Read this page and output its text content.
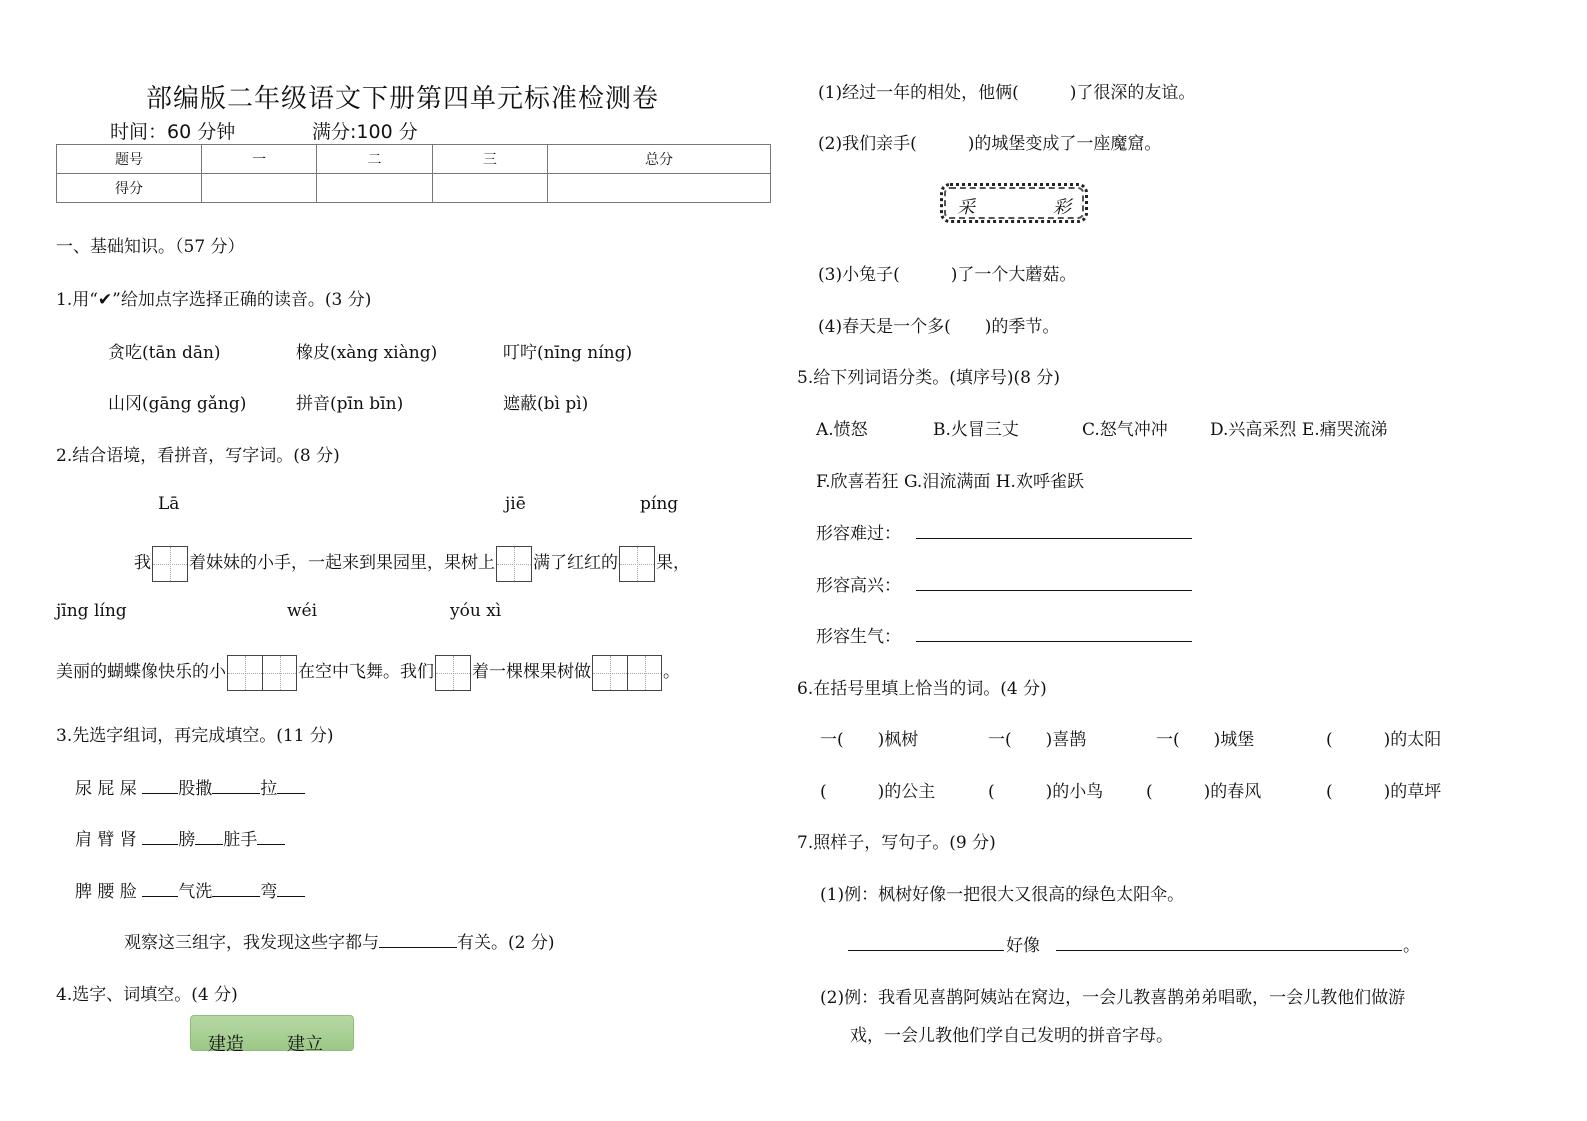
部编版二年级语文下册第四单元标准检测卷
时间：60 分钟	满分:100 分
题号	一	二	三	总分
得分				
一、基础知识。（57 分）
1.用“✔”给加点字选择正确的读音。(3 分)
贪吃(tān dān)	橡皮(xàng xiàng)	叮咛(nīng níng)
山冈(gāng gǎng)	拼音(pīn bīn)	遮蔽(bì pì)
2.结合语境，看拼音，写字词。(8 分)
Lā	jiē	píng
我 着妹妹的小手，一起来到果园里，果树上 满了红红的 果，
jīng líng	wéi	yóu xì
美丽的蝴蝶像快乐的小	在空中飞舞。我们 着一棵棵果树做	。
3.先选字组词，再完成填空。(11 分)
尿 屁 屎 股撒	拉
肩 臂 肾 膀 脏手
脾 腰 脸 气洗	弯
观察这三组字，我发现这些字都与	有关。(2 分)
4.选字、词填空。(4 分)
建造 建立
(1)经过一年的相处，他俩(　　　)了很深的友谊。
(2)我们亲手(　　　)的城堡变成了一座魔窟。
采	彩
(3)小兔子(　　　)了一个大蘑菇。
(4)春天是一个多(　　)的季节。
5.给下列词语分类。(填序号)(8 分)
A.愤怒	B.火冒三丈	C.怒气冲冲 D.兴高采烈 E.痛哭流涕
F.欣喜若狂 G.泪流满面 H.欢呼雀跃
形容难过：
形容高兴：
形容生气：
6.在括号里填上恰当的词。(4 分)
一(　　)枫树	一(　　)喜鹊	一(　　)城堡	(　　　)的太阳
(　　　)的公主	(　　　)的小鸟	(　　　)的春风	(　　　)的草坪
7.照样子，写句子。(9 分)
(1)例：枫树好像一把很大又很高的绿色太阳伞。
好像	。
(2)例：我看见喜鹊阿姨站在窝边，一会儿教喜鹊弟弟唱歌，一会儿教他们做游
戏，一会儿教他们学自己发明的拼音字母。
